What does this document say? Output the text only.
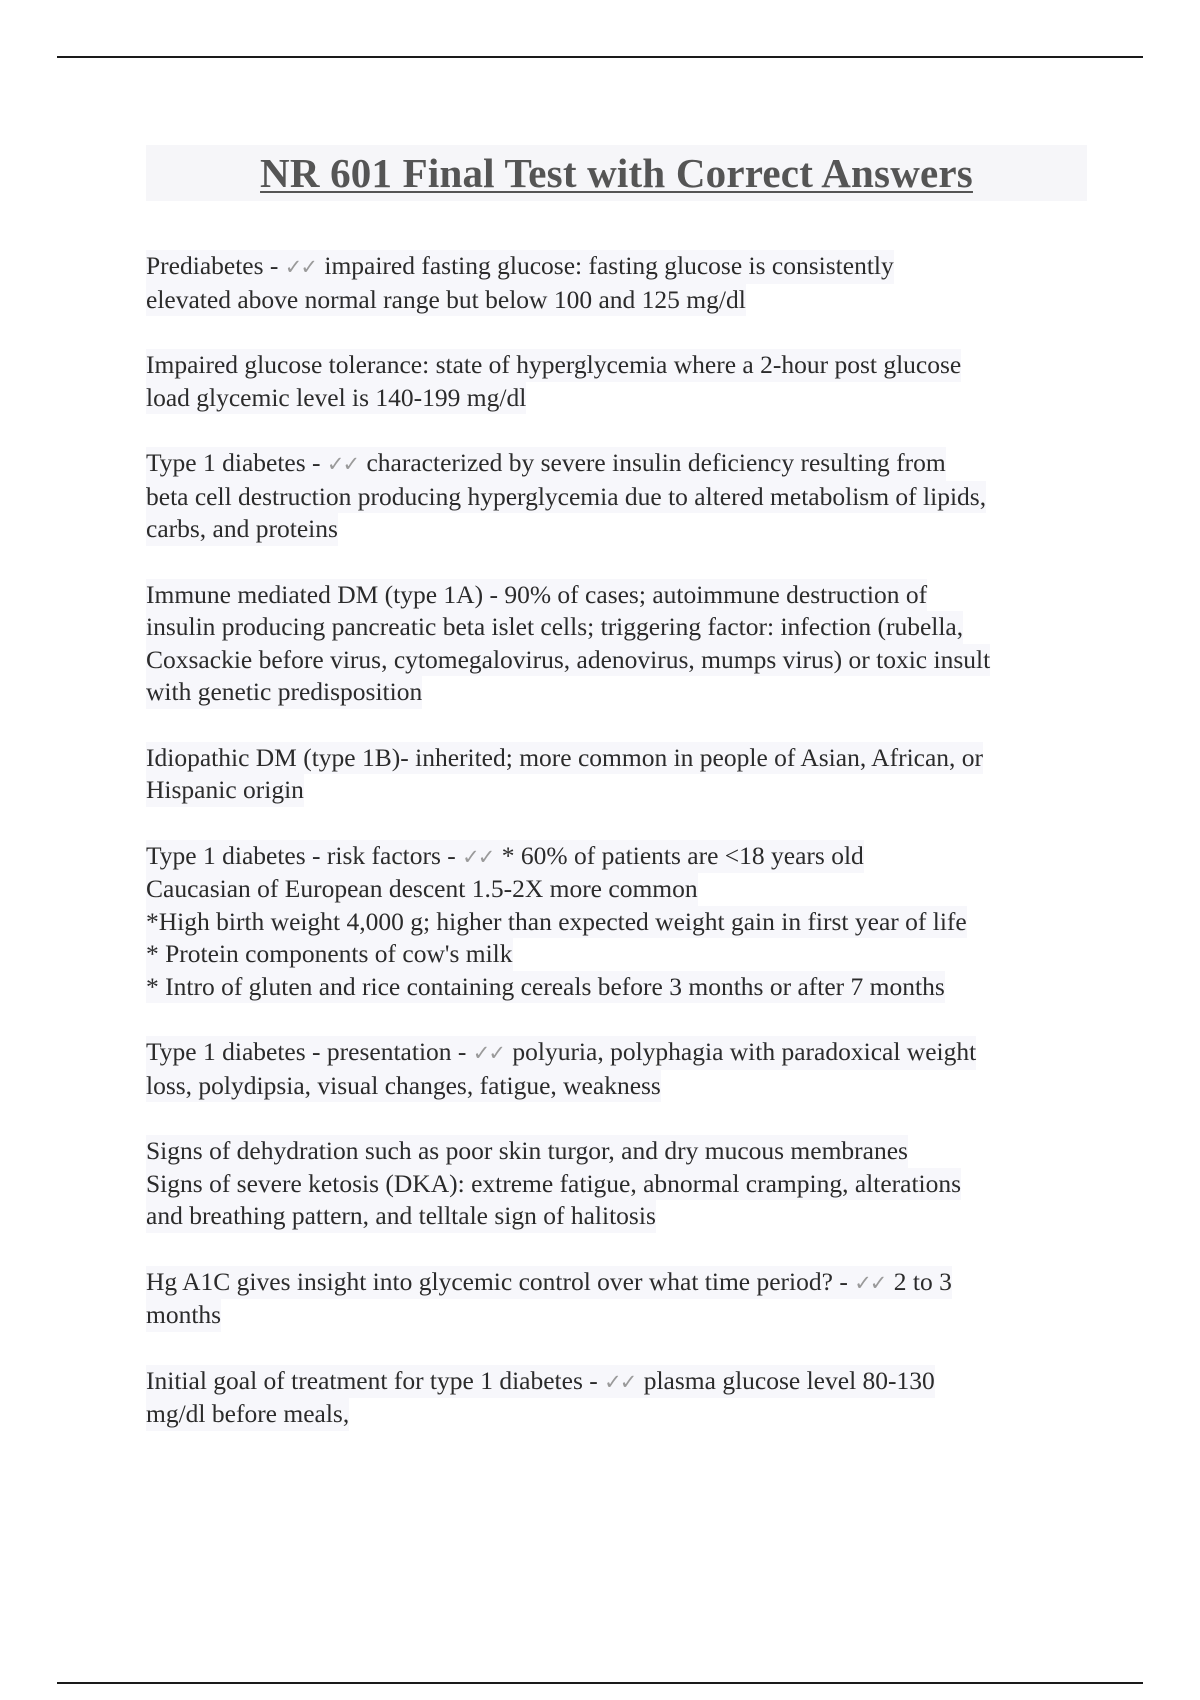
NR 601 Final Test with Correct Answers
Prediabetes - ✓✓ impaired fasting glucose: fasting glucose is consistently
elevated above normal range but below 100 and 125 mg/dl
Impaired glucose tolerance: state of hyperglycemia where a 2-hour post glucose
load glycemic level is 140-199 mg/dl
Type 1 diabetes - ✓✓ characterized by severe insulin deficiency resulting from
beta cell destruction producing hyperglycemia due to altered metabolism of lipids,
carbs, and proteins
Immune mediated DM (type 1A) - 90% of cases; autoimmune destruction of
insulin producing pancreatic beta islet cells; triggering factor: infection (rubella,
Coxsackie before virus, cytomegalovirus, adenovirus, mumps virus) or toxic insult
with genetic predisposition
Idiopathic DM (type 1B)- inherited; more common in people of Asian, African, or
Hispanic origin
Type 1 diabetes - risk factors - ✓✓ * 60% of patients are <18 years old
Caucasian of European descent 1.5-2X more common
*High birth weight 4,000 g; higher than expected weight gain in first year of life
* Protein components of cow's milk
* Intro of gluten and rice containing cereals before 3 months or after 7 months
Type 1 diabetes - presentation - ✓✓ polyuria, polyphagia with paradoxical weight
loss, polydipsia, visual changes, fatigue, weakness
Signs of dehydration such as poor skin turgor, and dry mucous membranes
Signs of severe ketosis (DKA): extreme fatigue, abnormal cramping, alterations
and breathing pattern, and telltale sign of halitosis
Hg A1C gives insight into glycemic control over what time period? - ✓✓ 2 to 3
months
Initial goal of treatment for type 1 diabetes - ✓✓ plasma glucose level 80-130
mg/dl before meals,
